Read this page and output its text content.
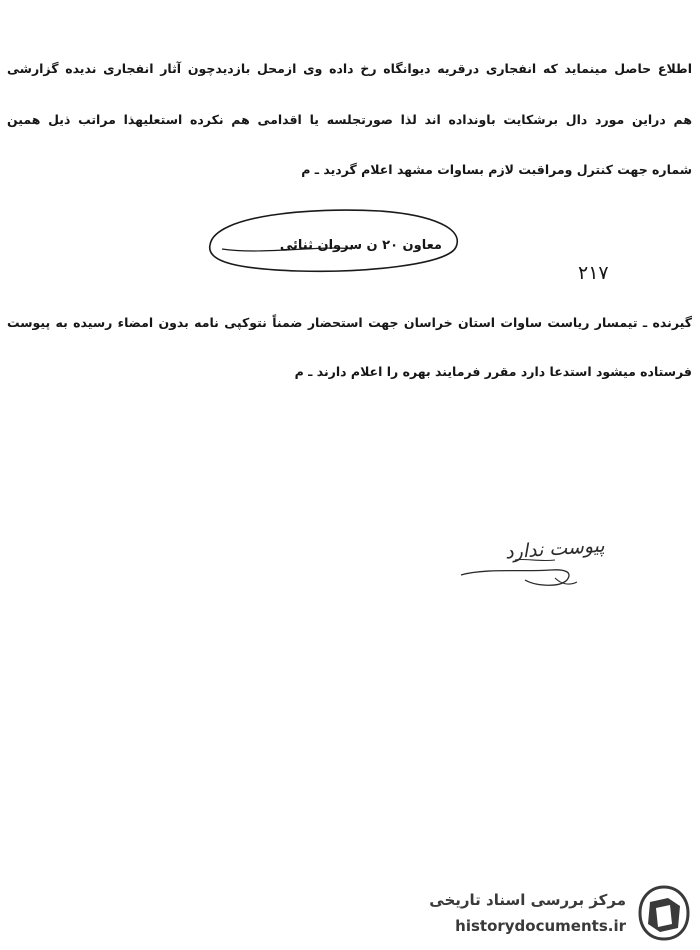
اطلاع حاصل مینماید که انفجاری درقریه دیوانگاه رخ داده وی ازمحل بازدیدچون آثار انفجاری ندیده گزارشی
هم دراین مورد دال برشکایت باونداده اند لذا صورتجلسه یا اقدامی هم نکرده استعلیهذا مراتب ذیل همین
شماره جهت کنترل ومراقبت لازم بساوات مشهد اعلام گردید ـ م
معاون ۲۰ ن سروان ثنائی
۲۱۷
گیرنده ـ تیمسار ریاست ساوات استان خراسان جهت استحضار ضمناً نتوکپی نامه بدون امضاء رسیده به پیوست
فرستاده میشود استدعا دارد مقرر فرمایند بهره را اعلام دارند ـ م
پیوست ندارد
مرکز بررسی اسناد تاریخی
historydocuments.ir
